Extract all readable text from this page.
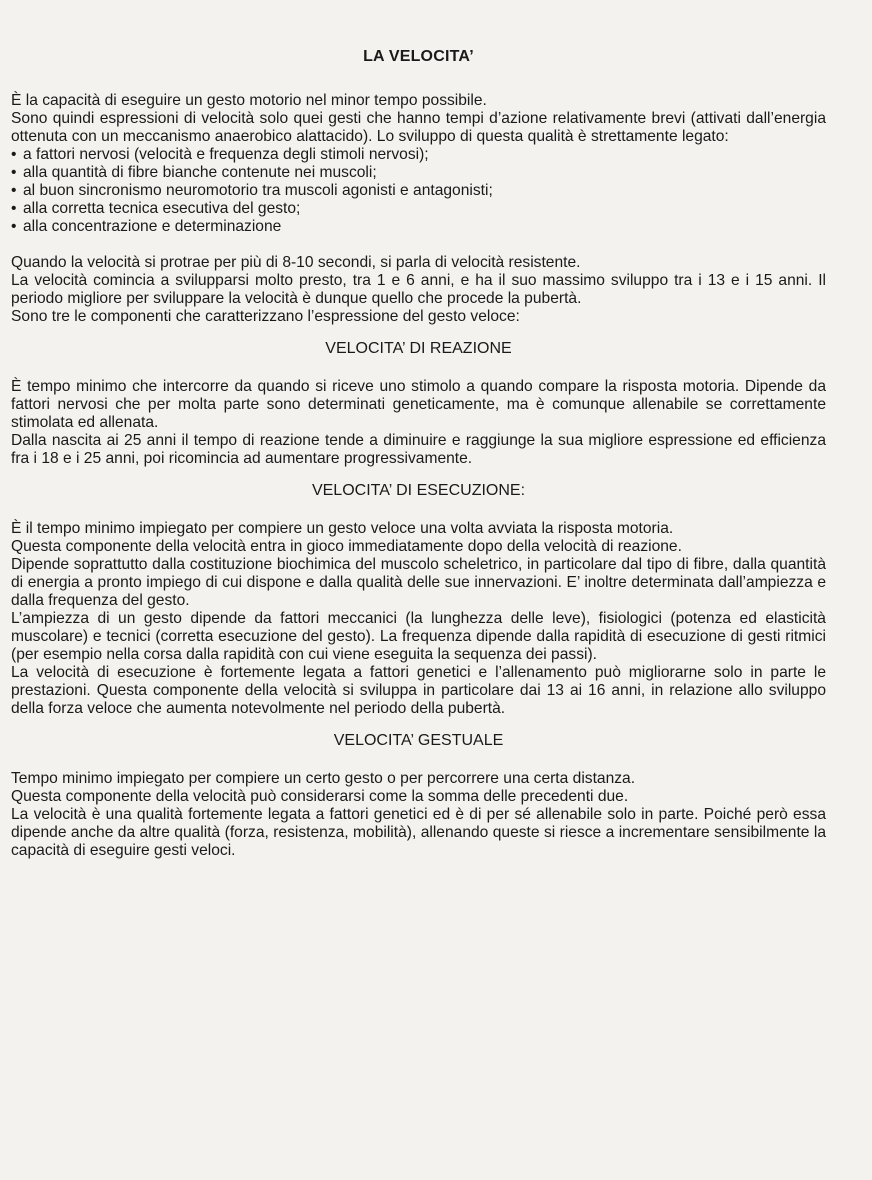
LA VELOCITA’

È la capacità di eseguire un gesto motorio nel minor tempo possibile.

Sono quindi espressioni di velocità solo quei gesti che hanno tempi d’azione relativamente brevi (attivati dall’energia ottenuta con un meccanismo anaerobico alattacido). Lo sviluppo di questa qualità è strettamente legato:

• a fattori nervosi (velocità e frequenza degli stimoli nervosi);
• alla quantità di fibre bianche contenute nei muscoli;
• al buon sincronismo neuromotorio tra muscoli agonisti e antagonisti;
• alla corretta tecnica esecutiva del gesto;
• alla concentrazione e determinazione

Quando la velocità si protrae per più di 8-10 secondi, si parla di velocità resistente.

La velocità comincia a svilupparsi molto presto, tra 1 e 6 anni, e ha il suo massimo sviluppo tra i 13 e i 15 anni. Il periodo migliore per sviluppare la velocità è dunque quello che procede la pubertà.

Sono tre le componenti che caratterizzano l’espressione del gesto veloce:

VELOCITA’ DI REAZIONE

È tempo minimo che intercorre da quando si riceve uno stimolo a quando compare la risposta motoria. Dipende da fattori nervosi che per molta parte sono determinati geneticamente, ma è comunque allenabile se correttamente stimolata ed allenata.

Dalla nascita ai 25 anni il tempo di reazione tende a diminuire e raggiunge la sua migliore espressione ed efficienza fra i 18 e i 25 anni, poi ricomincia ad aumentare progressivamente.

VELOCITA’ DI ESECUZIONE:

È il tempo minimo impiegato per compiere un gesto veloce una volta avviata la risposta motoria.

Questa componente della velocità entra in gioco immediatamente dopo della velocità di reazione.

Dipende soprattutto dalla costituzione biochimica del muscolo scheletrico, in particolare dal tipo di fibre, dalla quantità di energia a pronto impiego di cui dispone e dalla qualità delle sue innervazioni. E’ inoltre determinata dall’ampiezza e dalla frequenza del gesto.

L’ampiezza di un gesto dipende da fattori meccanici (la lunghezza delle leve), fisiologici (potenza ed elasticità muscolare) e tecnici (corretta esecuzione del gesto). La frequenza dipende dalla rapidità di esecuzione di gesti ritmici (per esempio nella corsa dalla rapidità con cui viene eseguita la sequenza dei passi).

La velocità di esecuzione è fortemente legata a fattori genetici e l’allenamento può migliorarne solo in parte le prestazioni. Questa componente della velocità si sviluppa in particolare dai 13 ai 16 anni, in relazione allo sviluppo della forza veloce che aumenta notevolmente nel periodo della pubertà.

VELOCITA’ GESTUALE

Tempo minimo impiegato per compiere un certo gesto o per percorrere una certa distanza.

Questa componente della velocità può considerarsi come la somma delle precedenti due.

La velocità è una qualità fortemente legata a fattori genetici ed è di per sé allenabile solo in parte. Poiché però essa dipende anche da altre qualità (forza, resistenza, mobilità), allenando queste si riesce a incrementare sensibilmente la capacità di eseguire gesti veloci.
